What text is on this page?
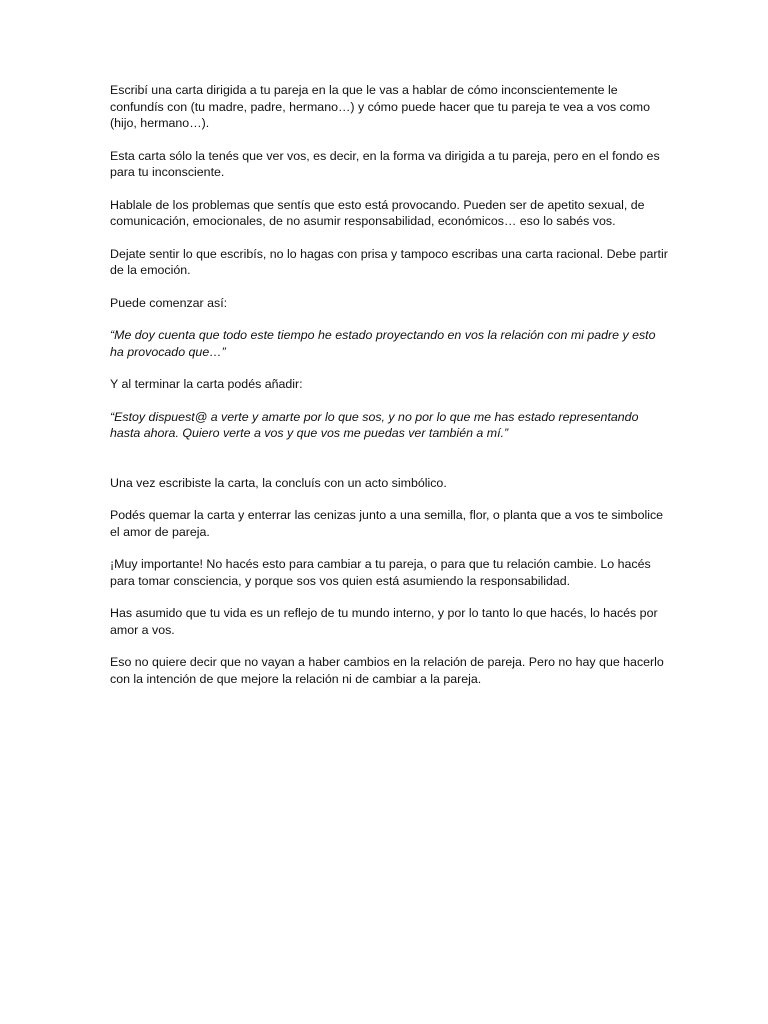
Escribí una carta dirigida a tu pareja en la que le vas a hablar de cómo inconscientemente le confundís con (tu madre, padre, hermano…) y cómo puede hacer que tu pareja te vea a vos como (hijo, hermano…).

Esta carta sólo la tenés que ver vos, es decir, en la forma va dirigida a tu pareja, pero en el fondo es para tu inconsciente.

Hablale de los problemas que sentís que esto está provocando. Pueden ser de apetito sexual, de comunicación, emocionales, de no asumir responsabilidad, económicos… eso lo sabés vos.

Dejate sentir lo que escribís, no lo hagas con prisa y tampoco escribas una carta racional. Debe partir de la emoción.

Puede comenzar así:

“Me doy cuenta que todo este tiempo he estado proyectando en vos la relación con mi padre y esto ha provocado que…”

Y al terminar la carta podés añadir:

“Estoy dispuest@ a verte y amarte por lo que sos, y no por lo que me has estado representando hasta ahora. Quiero verte a vos y que vos me puedas ver también a mí.”

Una vez escribiste la carta, la concluís con un acto simbólico.

Podés quemar la carta y enterrar las cenizas junto a una semilla, flor, o planta que a vos te simbolice el amor de pareja.

¡Muy importante! No hacés esto para cambiar a tu pareja, o para que tu relación cambie. Lo hacés para tomar consciencia, y porque sos vos quien está asumiendo la responsabilidad.

Has asumido que tu vida es un reflejo de tu mundo interno, y por lo tanto lo que hacés, lo hacés por amor a vos.

Eso no quiere decir que no vayan a haber cambios en la relación de pareja. Pero no hay que hacerlo con la intención de que mejore la relación ni de cambiar a la pareja.
